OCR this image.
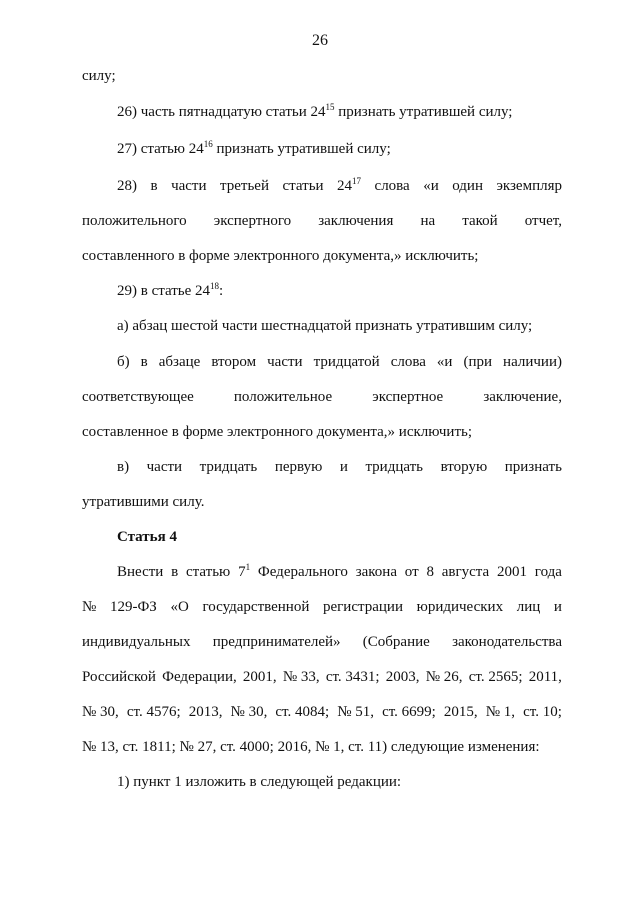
26
силу;
26) часть пятнадцатую статьи $24^{15}$ признать утратившей силу;
27) статью $24^{16}$ признать утратившей силу;
28) в части третьей статьи $24^{17}$ слова «и один экземпляр
положительного экспертного заключения на такой отчет,
составленного в форме электронного документа,» исключить;
29) в статье $24^{18}$:
а) абзац шестой части шестнадцатой признать утратившим силу;
б) в абзаце втором части тридцатой слова «и (при наличии)
соответствующее	положительное	экспертное	заключение,
составленное в форме электронного документа,» исключить;
в) части тридцать первую и тридцать вторую признать
утратившими силу.
Статья 4
Внести в статью $7^1$ Федерального закона от 8 августа 2001 года
№ 129-ФЗ «О государственной регистрации юридических лиц и
индивидуальных предпринимателей» (Собрание законодательства
Российской Федерации, 2001, № 33, ст. 3431; 2003, № 26, ст. 2565; 2011,
№ 30, ст. 4576; 2013, № 30, ст. 4084; № 51, ст. 6699; 2015, № 1, ст. 10;
№ 13, ст. 1811; № 27, ст. 4000; 2016, № 1, ст. 11) следующие изменения:
1) пункт 1 изложить в следующей редакции:
